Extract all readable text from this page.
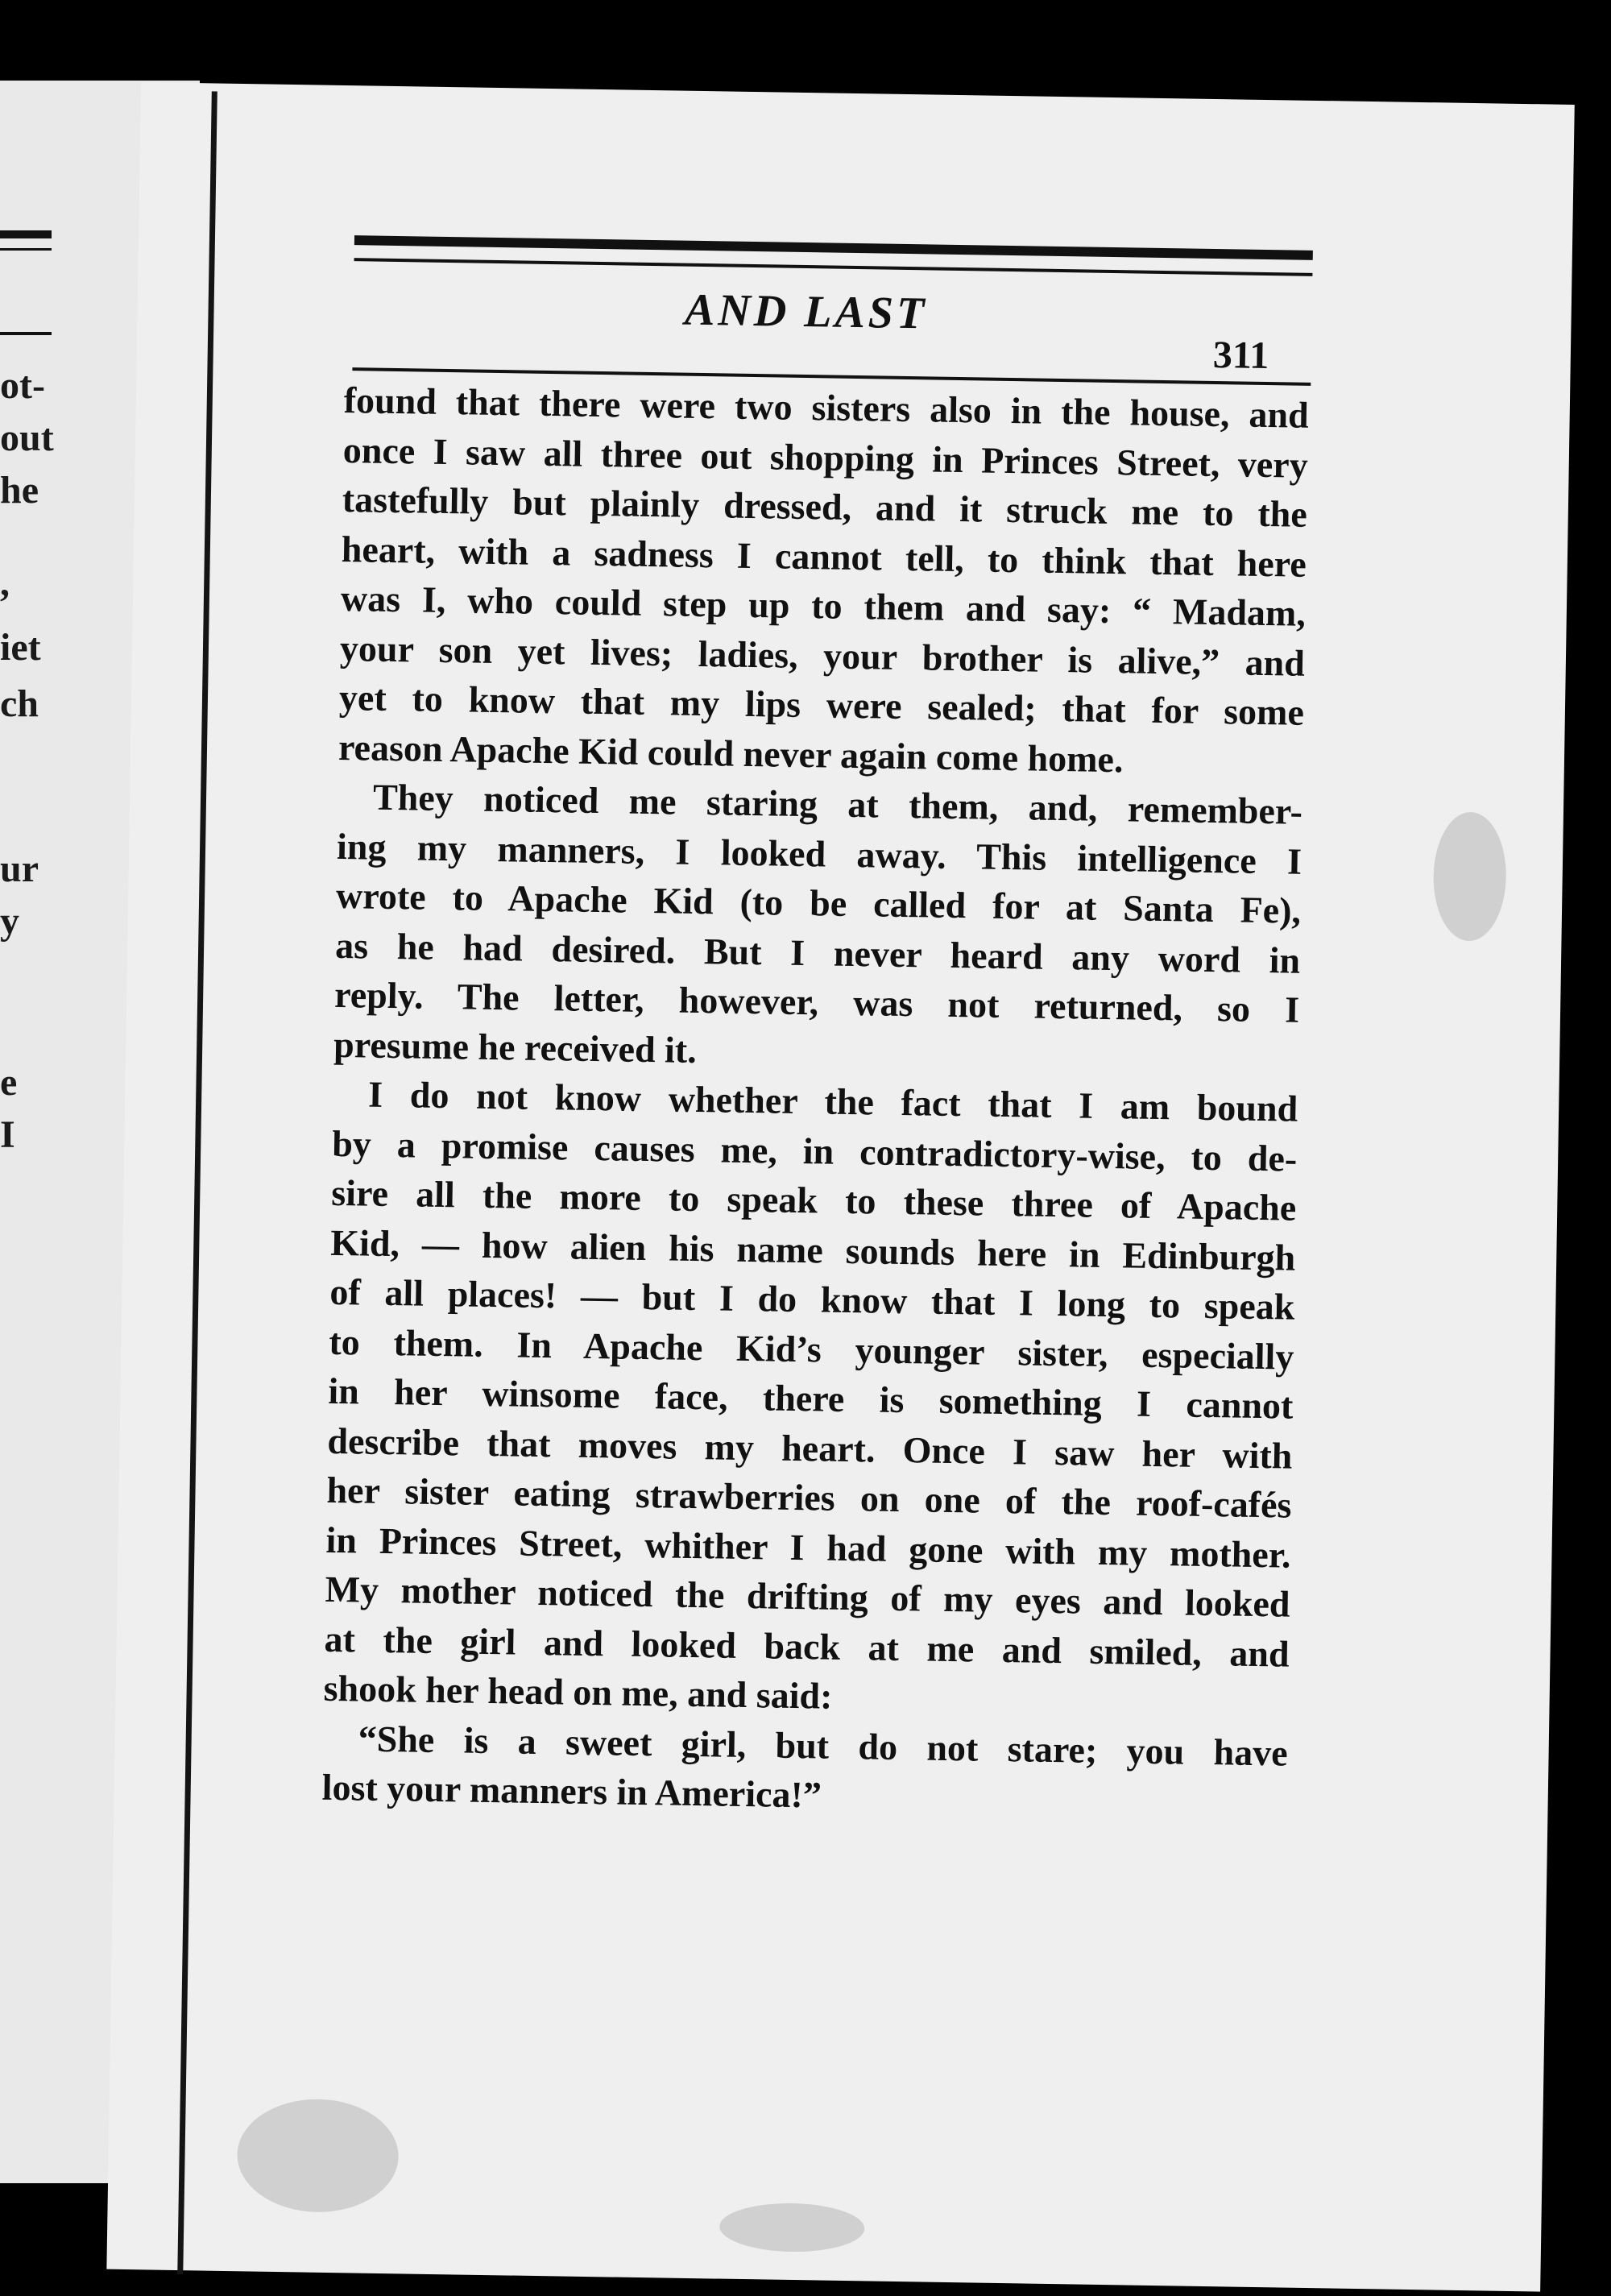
ot-
out
he
,
iet
ch
ur
y
e
I
AND LAST
311
found that there were two sisters also in the house, and
once I saw all three out shopping in Princes Street, very
tastefully but plainly dressed, and it struck me to the
heart, with a sadness I cannot tell, to think that here
was I, who could step up to them and say: “ Madam,
your son yet lives; ladies, your brother is alive,” and
yet to know that my lips were sealed; that for some
reason Apache Kid could never again come home.
They noticed me staring at them, and, remember-
ing my manners, I looked away. This intelligence I
wrote to Apache Kid (to be called for at Santa Fe),
as he had desired. But I never heard any word in
reply. The letter, however, was not returned, so I
presume he received it.
I do not know whether the fact that I am bound
by a promise causes me, in contradictory-wise, to de-
sire all the more to speak to these three of Apache
Kid, — how alien his name sounds here in Edinburgh
of all places! — but I do know that I long to speak
to them. In Apache Kid’s younger sister, especially
in her winsome face, there is something I cannot
describe that moves my heart. Once I saw her with
her sister eating strawberries on one of the roof-cafés
in Princes Street, whither I had gone with my mother.
My mother noticed the drifting of my eyes and looked
at the girl and looked back at me and smiled, and
shook her head on me, and said:
“She is a sweet girl, but do not stare; you have
lost your manners in America!”
